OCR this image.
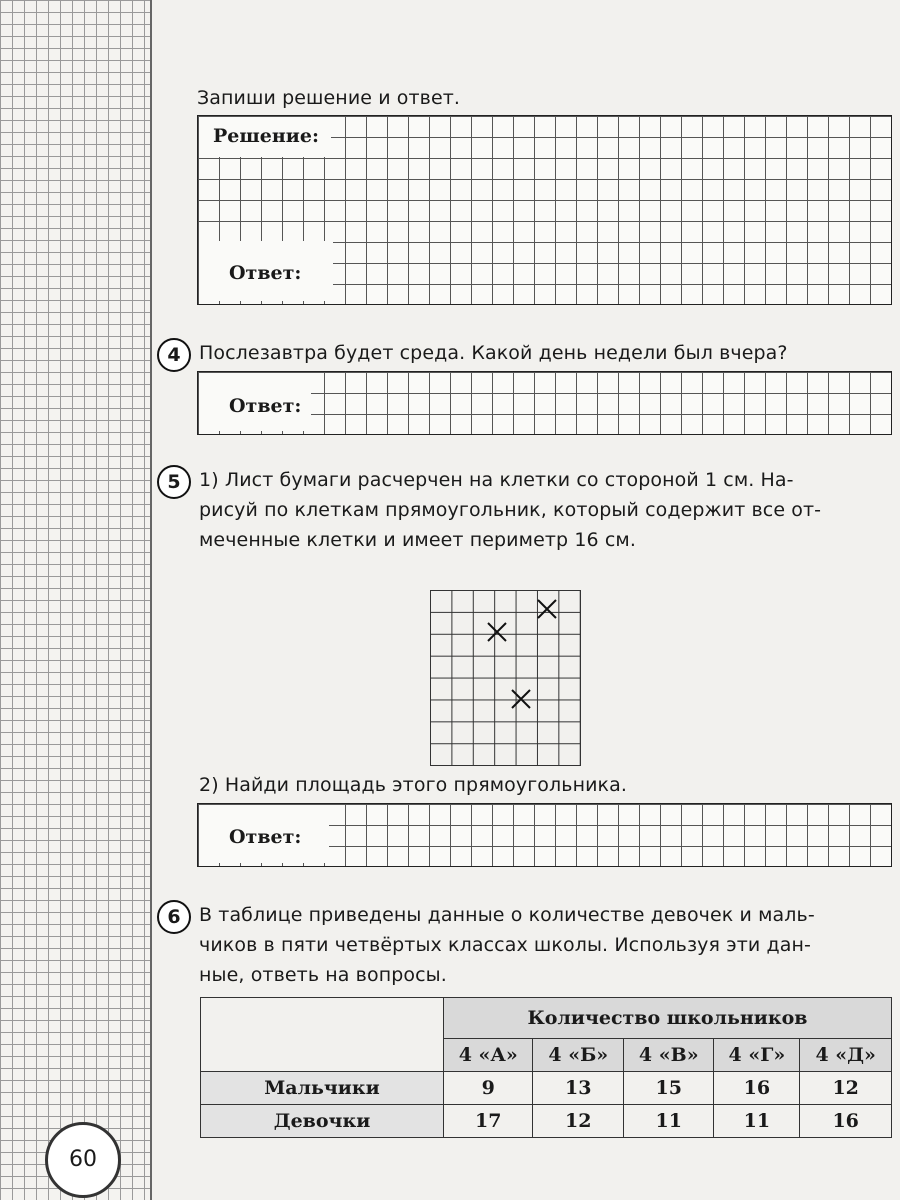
Запиши решение и ответ.
Решение:
Ответ:
4 Послезавтра будет среда. Какой день недели был вчера?
Ответ:
5 1) Лист бумаги расчерчен на клетки со стороной 1 см. На-
рисуй по клеткам прямоугольник, который содержит все от-
меченные клетки и имеет периметр 16 см.
2) Найди площадь этого прямоугольника.
Ответ:
6 В таблице приведены данные о количестве девочек и маль-
чиков в пяти четвёртых классах школы. Используя эти дан-
ные, ответь на вопросы.
	Количество школьников				
	4 «А»	4 «Б»	4 «В»	4 «Г»	4 «Д»
Мальчики	9	13	15	16	12
Девочки	17	12	11	11	16
60
